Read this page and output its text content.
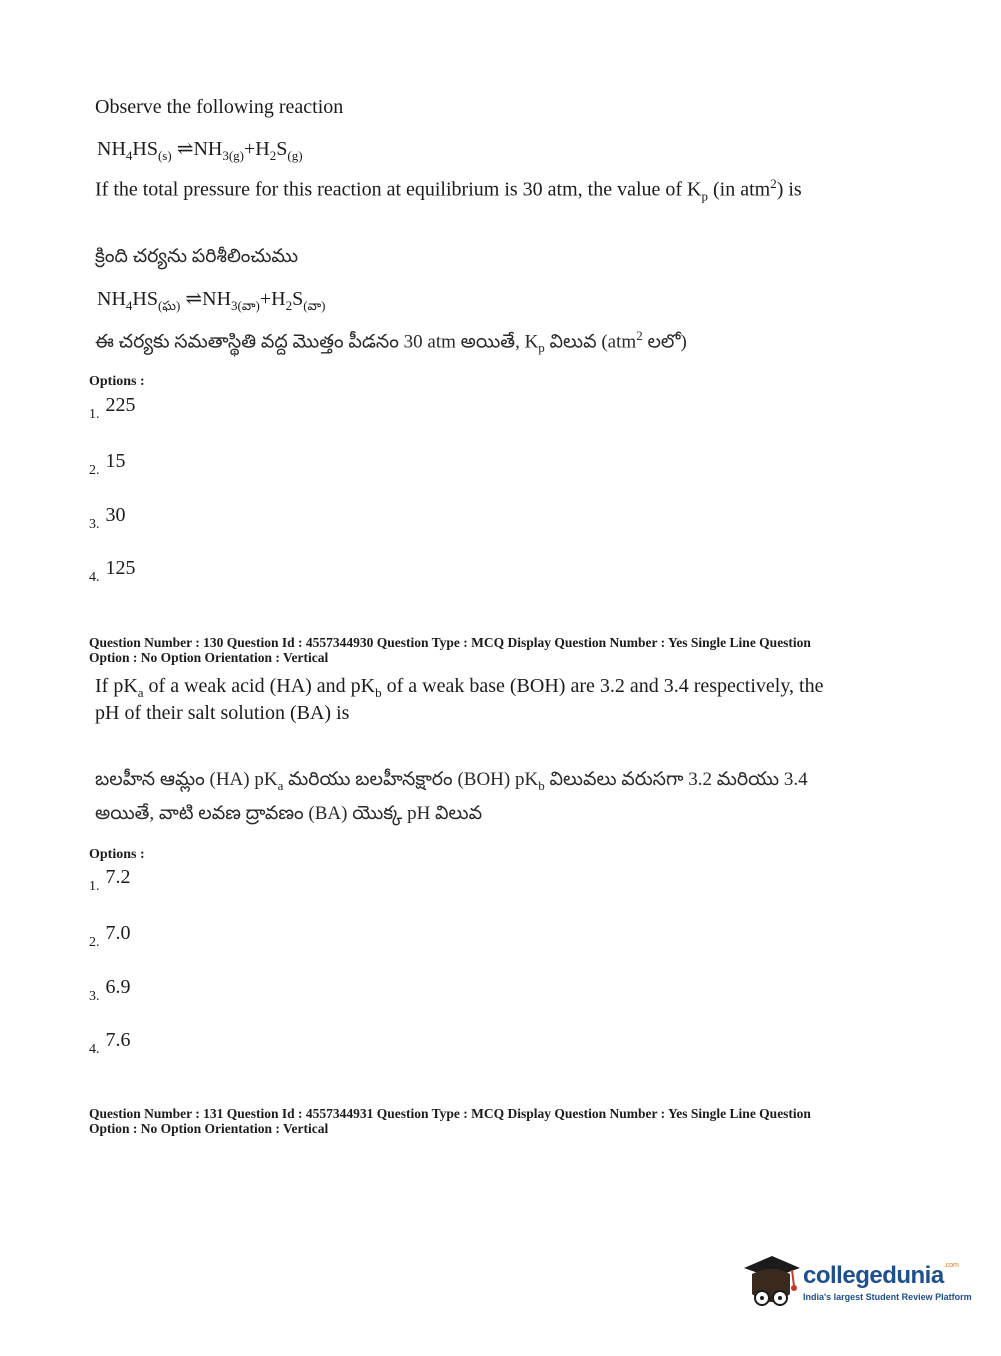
Observe the following reaction
$NH_4HS_{(s)}$ $\rightleftharpoons NH_{3(g)}+H_2S_{(g)}$
If the total pressure for this reaction at equilibrium is 30 atm, the value of $K_p$ (in atm$^2$) is
క్రింది చర్యను పరిశీలించుము
$NH_4HS_{(ఘ)}$ $\rightleftharpoons NH_{3(వా)}+H_2S_{(వా)}$
ఈ చర్యకు సమతాస్థితి వద్ద మొత్తం పీడనం 30 atm అయితే, $K_p$ విలువ (atm$^2$ లలో)
Options :
1. 225
2. 15
3. 30
4. 125
Question Number : 130 Question Id : 4557344930 Question Type : MCQ Display Question Number : Yes Single Line Question
Option : No Option Orientation : Vertical
If $pK_a$ of a weak acid (HA) and $pK_b$ of a weak base (BOH) are 3.2 and 3.4 respectively, the
pH of their salt solution (BA) is
బలహీన ఆమ్లం (HA) $pK_a$ మరియు బలహీనక్షారం (BOH) $pK_b$ విలువలు వరుసగా 3.2 మరియు 3.4
అయితే, వాటి లవణ ద్రావణం (BA) యొక్క pH విలువ
Options :
1. 7.2
2. 7.0
3. 6.9
4. 7.6
Question Number : 131 Question Id : 4557344931 Question Type : MCQ Display Question Number : Yes Single Line Question
Option : No Option Orientation : Vertical
collegedunia$^{.com}$
India's largest Student Review Platform
